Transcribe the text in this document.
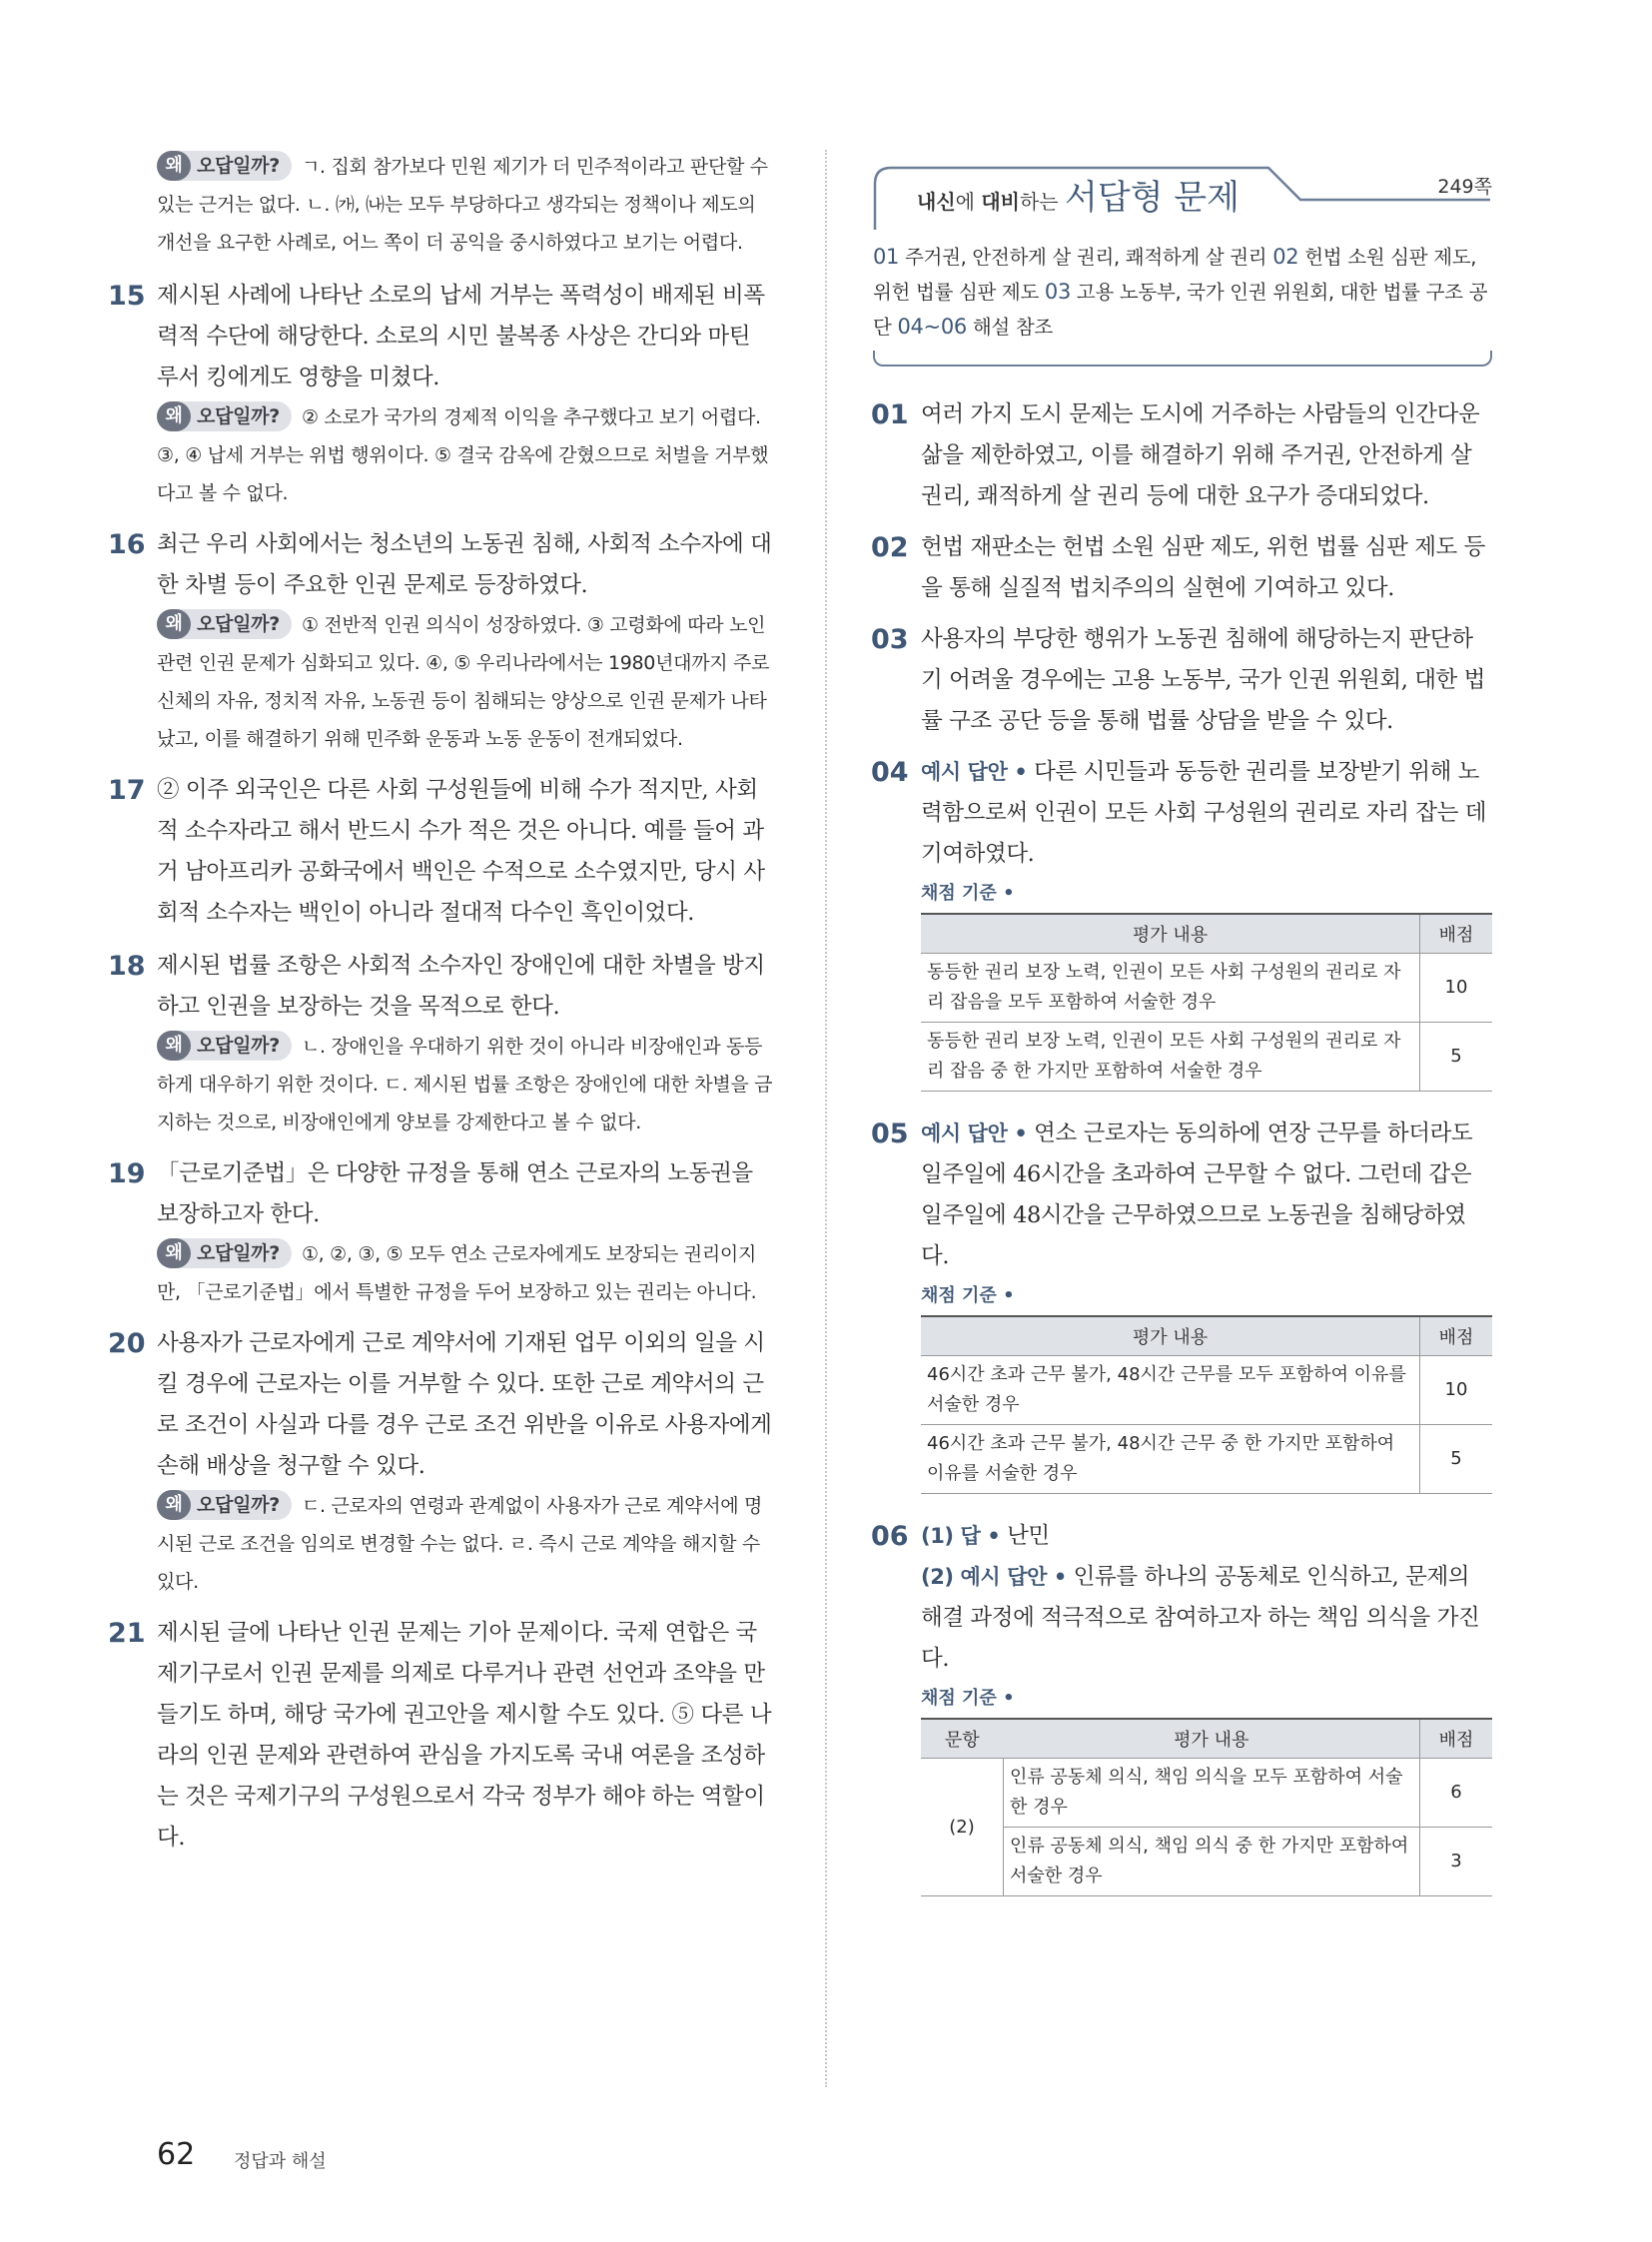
왜 오답일까? ㄱ. 집회 참가보다 민원 제기가 더 민주적이라고 판단할 수 있는 근거는 없다. ㄴ. ㈎, ㈏는 모두 부당하다고 생각되는 정책이나 제도의 개선을 요구한 사례로, 어느 쪽이 더 공익을 중시하였다고 보기는 어렵다.

15 제시된 사례에 나타난 소로의 납세 거부는 폭력성이 배제된 비폭력적 수단에 해당한다. 소로의 시민 불복종 사상은 간디와 마틴 루서 킹에게도 영향을 미쳤다.

왜 오답일까? ② 소로가 국가의 경제적 이익을 추구했다고 보기 어렵다. ③, ④ 납세 거부는 위법 행위이다. ⑤ 결국 감옥에 갇혔으므로 처벌을 거부했다고 볼 수 없다.

16 최근 우리 사회에서는 청소년의 노동권 침해, 사회적 소수자에 대한 차별 등이 주요한 인권 문제로 등장하였다.

왜 오답일까? ① 전반적 인권 의식이 성장하였다. ③ 고령화에 따라 노인 관련 인권 문제가 심화되고 있다. ④, ⑤ 우리나라에서는 1980년대까지 주로 신체의 자유, 정치적 자유, 노동권 등이 침해되는 양상으로 인권 문제가 나타났고, 이를 해결하기 위해 민주화 운동과 노동 운동이 전개되었다.

17 ② 이주 외국인은 다른 사회 구성원들에 비해 수가 적지만, 사회적 소수자라고 해서 반드시 수가 적은 것은 아니다. 예를 들어 과거 남아프리카 공화국에서 백인은 수적으로 소수였지만, 당시 사회적 소수자는 백인이 아니라 절대적 다수인 흑인이었다.

18 제시된 법률 조항은 사회적 소수자인 장애인에 대한 차별을 방지하고 인권을 보장하는 것을 목적으로 한다.

왜 오답일까? ㄴ. 장애인을 우대하기 위한 것이 아니라 비장애인과 동등하게 대우하기 위한 것이다. ㄷ. 제시된 법률 조항은 장애인에 대한 차별을 금지하는 것으로, 비장애인에게 양보를 강제한다고 볼 수 없다.

19 「근로기준법」은 다양한 규정을 통해 연소 근로자의 노동권을 보장하고자 한다.

왜 오답일까? ①, ②, ③, ⑤ 모두 연소 근로자에게도 보장되는 권리이지만, 「근로기준법」에서 특별한 규정을 두어 보장하고 있는 권리는 아니다.

20 사용자가 근로자에게 근로 계약서에 기재된 업무 이외의 일을 시킬 경우에 근로자는 이를 거부할 수 있다. 또한 근로 계약서의 근로 조건이 사실과 다를 경우 근로 조건 위반을 이유로 사용자에게 손해 배상을 청구할 수 있다.

왜 오답일까? ㄷ. 근로자의 연령과 관계없이 사용자가 근로 계약서에 명시된 근로 조건을 임의로 변경할 수는 없다. ㄹ. 즉시 근로 계약을 해지할 수 있다.

21 제시된 글에 나타난 인권 문제는 기아 문제이다. 국제 연합은 국제기구로서 인권 문제를 의제로 다루거나 관련 선언과 조약을 만들기도 하며, 해당 국가에 권고안을 제시할 수도 있다. ⑤ 다른 나라의 인권 문제와 관련하여 관심을 가지도록 국내 여론을 조성하는 것은 국제기구의 구성원으로서 각국 정부가 해야 하는 역할이다.

내신에 대비하는 서답형 문제	249쪽

01 주거권, 안전하게 살 권리, 쾌적하게 살 권리 02 헌법 소원 심판 제도, 위헌 법률 심판 제도 03 고용 노동부, 국가 인권 위원회, 대한 법률 구조 공단 04~06 해설 참조

01 여러 가지 도시 문제는 도시에 거주하는 사람들의 인간다운 삶을 제한하였고, 이를 해결하기 위해 주거권, 안전하게 살 권리, 쾌적하게 살 권리 등에 대한 요구가 증대되었다.

02 헌법 재판소는 헌법 소원 심판 제도, 위헌 법률 심판 제도 등을 통해 실질적 법치주의의 실현에 기여하고 있다.

03 사용자의 부당한 행위가 노동권 침해에 해당하는지 판단하기 어려울 경우에는 고용 노동부, 국가 인권 위원회, 대한 법률 구조 공단 등을 통해 법률 상담을 받을 수 있다.

04 예시 답안 • 다른 시민들과 동등한 권리를 보장받기 위해 노력함으로써 인권이 모든 사회 구성원의 권리로 자리 잡는 데 기여하였다.

채점 기준 •
평가 내용	배점
동등한 권리 보장 노력, 인권이 모든 사회 구성원의 권리로 자리 잡음을 모두 포함하여 서술한 경우	10
동등한 권리 보장 노력, 인권이 모든 사회 구성원의 권리로 자리 잡음 중 한 가지만 포함하여 서술한 경우	5
05 예시 답안 • 연소 근로자는 동의하에 연장 근무를 하더라도 일주일에 46시간을 초과하여 근무할 수 없다. 그런데 갑은 일주일에 48시간을 근무하였으므로 노동권을 침해당하였다.

채점 기준 •
평가 내용	배점
46시간 초과 근무 불가, 48시간 근무를 모두 포함하여 이유를 서술한 경우	10
46시간 초과 근무 불가, 48시간 근무 중 한 가지만 포함하여 이유를 서술한 경우	5
06 (1) 답 • 난민

(2) 예시 답안 • 인류를 하나의 공동체로 인식하고, 문제의 해결 과정에 적극적으로 참여하고자 하는 책임 의식을 가진다.

채점 기준 •
문항	평가 내용	배점
(2)	인류 공동체 의식, 책임 의식을 모두 포함하여 서술한 경우	6
	인류 공동체 의식, 책임 의식 중 한 가지만 포함하여 서술한 경우	3
62 정답과 해설
